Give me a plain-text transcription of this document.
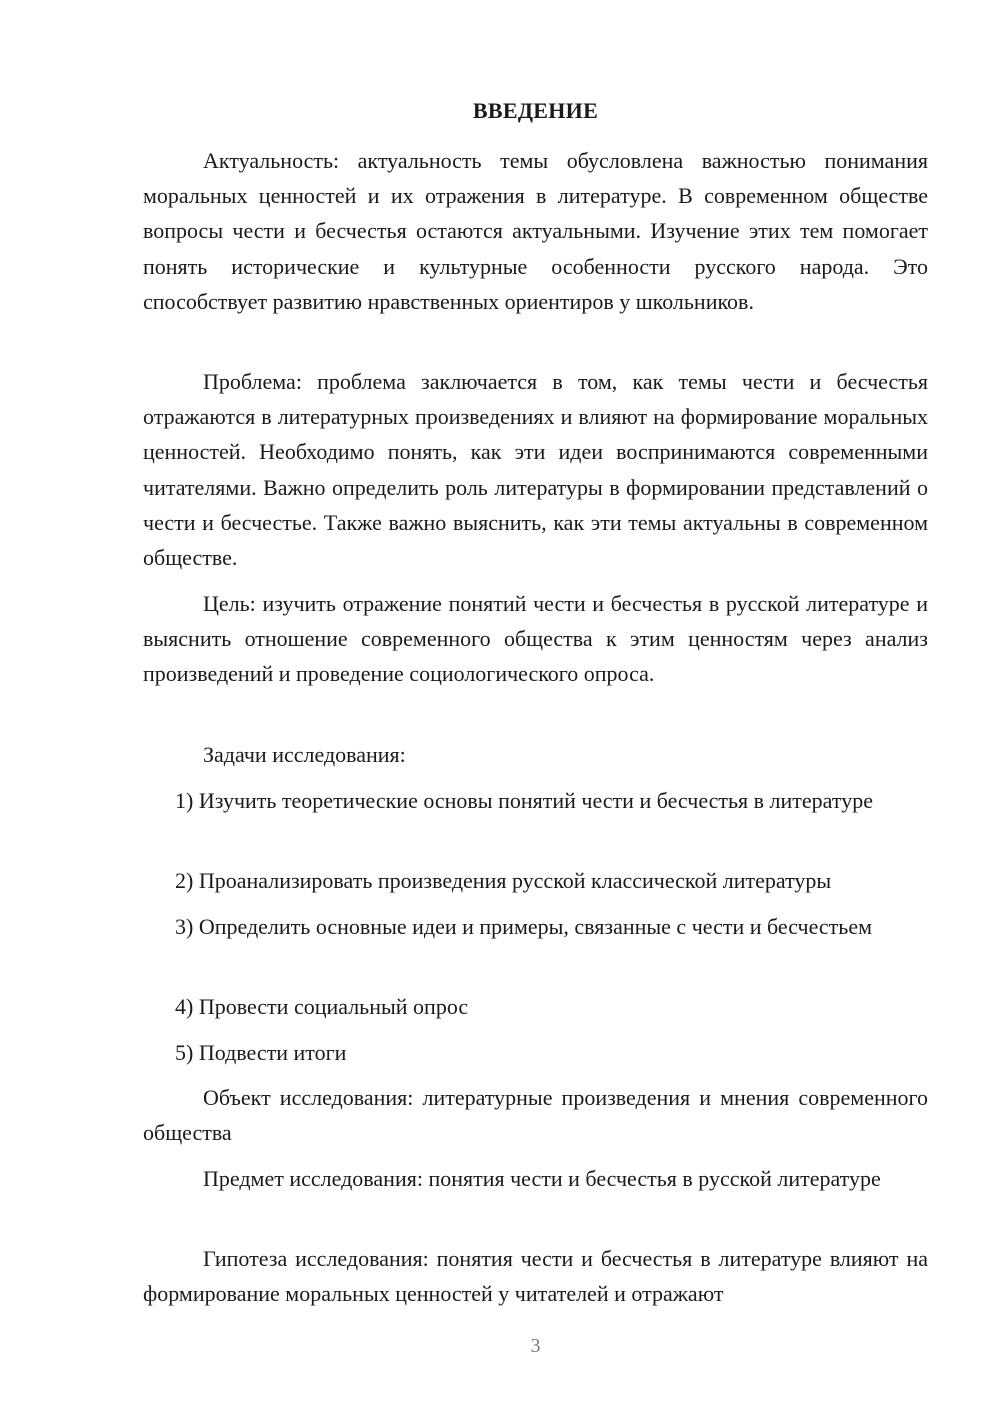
ВВЕДЕНИЕ

Актуальность: актуальность темы обусловлена важностью понимания моральных ценностей и их отражения в литературе. В современном обществе вопросы чести и бесчестья остаются актуальными. Изучение этих тем помогает понять исторические и культурные особенности русского народа. Это способствует развитию нравственных ориентиров у школьников.

Проблема: проблема заключается в том, как темы чести и бесчестья отражаются в литературных произведениях и влияют на формирование моральных ценностей. Необходимо понять, как эти идеи воспринимаются современными читателями. Важно определить роль литературы в формировании представлений о чести и бесчестье. Также важно выяснить, как эти темы актуальны в современном обществе.

Цель: изучить отражение понятий чести и бесчестья в русской литературе и выяснить отношение современного общества к этим ценностям через анализ произведений и проведение социологического опроса.

Задачи исследования:

1) Изучить теоретические основы понятий чести и бесчестья в литературе

2) Проанализировать произведения русской классической литературы

3) Определить основные идеи и примеры, связанные с чести и бесчестьем

4) Провести социальный опрос

5) Подвести итоги

Объект исследования: литературные произведения и мнения современного общества

Предмет исследования: понятия чести и бесчестья в русской литературе

Гипотеза исследования: понятия чести и бесчестья в литературе влияют на формирование моральных ценностей у читателей и отражают

3
